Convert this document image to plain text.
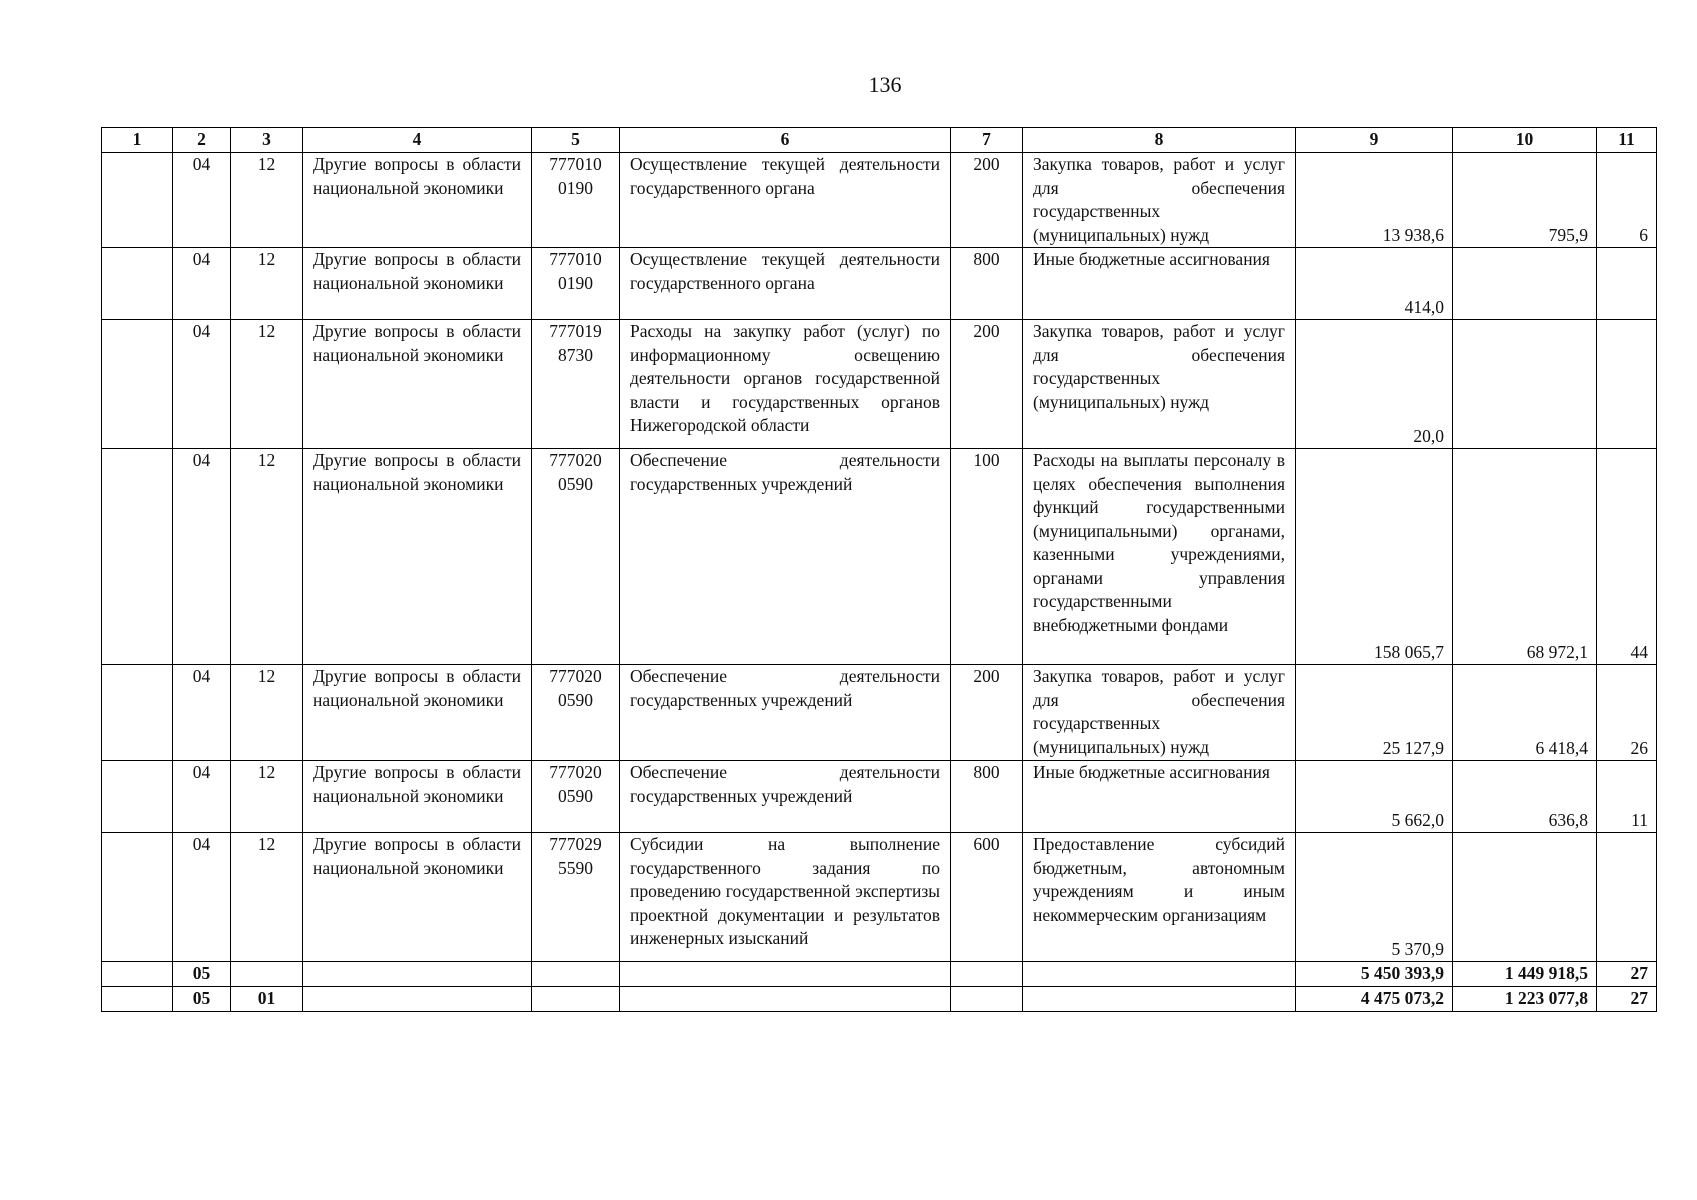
136
1	2	3	4	5	6	7	8	9	10	11
	04	12	Другие вопросы в области национальной экономики	777010 0190	Осуществление текущей деятельности государственного органа	200	Закупка товаров, работ и услуг для обеспечения государственных (муниципальных) нужд	13 938,6	795,9	6
	04	12	Другие вопросы в области национальной экономики	777010 0190	Осуществление текущей деятельности государственного органа	800	Иные бюджетные ассигнования	414,0		
	04	12	Другие вопросы в области национальной экономики	777019 8730	Расходы на закупку работ (услуг) по информационному освещению деятельности органов государственной власти и государственных органов Нижегородской области	200	Закупка товаров, работ и услуг для обеспечения государственных (муниципальных) нужд	20,0		
	04	12	Другие вопросы в области национальной экономики	777020 0590	Обеспечение деятельности государственных учреждений	100	Расходы на выплаты персоналу в целях обеспечения выполнения функций государственными (муниципальными) органами, казенными учреждениями, органами управления государственными внебюджетными фондами	158 065,7	68 972,1	44
	04	12	Другие вопросы в области национальной экономики	777020 0590	Обеспечение деятельности государственных учреждений	200	Закупка товаров, работ и услуг для обеспечения государственных (муниципальных) нужд	25 127,9	6 418,4	26
	04	12	Другие вопросы в области национальной экономики	777020 0590	Обеспечение деятельности государственных учреждений	800	Иные бюджетные ассигнования	5 662,0	636,8	11
	04	12	Другие вопросы в области национальной экономики	777029 5590	Субсидии на выполнение государственного задания по проведению государственной экспертизы проектной документации и результатов инженерных изысканий	600	Предоставление субсидий бюджетным, автономным учреждениям и иным некоммерческим организациям	5 370,9		
	05							5 450 393,9	1 449 918,5	27
	05	01						4 475 073,2	1 223 077,8	27
